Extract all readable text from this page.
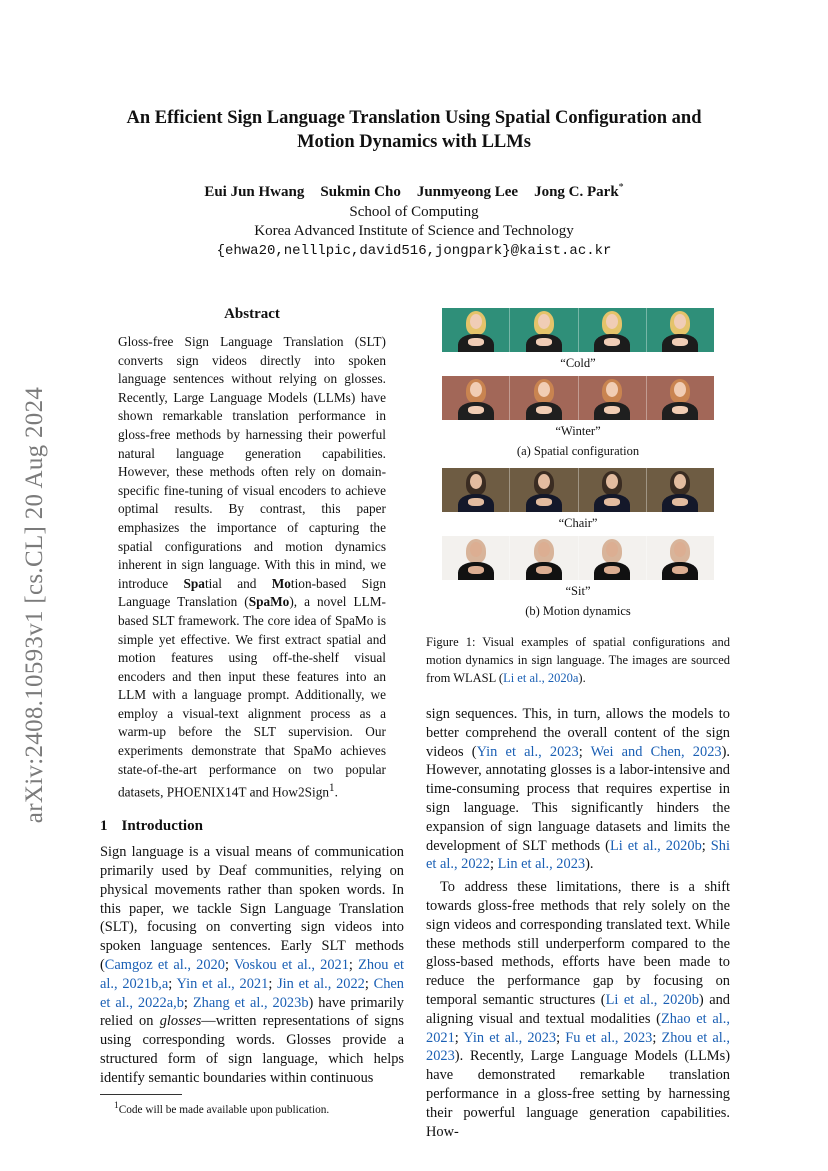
arXiv:2408.10593v1 [cs.CL] 20 Aug 2024
An Efficient Sign Language Translation Using Spatial Configuration and
Motion Dynamics with LLMs
Eui Jun Hwang Sukmin Cho Junmyeong Lee Jong C. Park*
School of Computing
Korea Advanced Institute of Science and Technology
{ehwa20,nelllpic,david516,jongpark}@kaist.ac.kr
Abstract
Gloss-free Sign Language Translation (SLT) converts sign videos directly into spoken language sentences without relying on glosses. Recently, Large Language Models (LLMs) have shown remarkable translation performance in gloss-free methods by harnessing their powerful natural language generation capabilities. However, these methods often rely on domain-specific fine-tuning of visual encoders to achieve optimal results. By contrast, this paper emphasizes the importance of capturing the spatial configurations and motion dynamics inherent in sign language. With this in mind, we introduce Spatial and Motion-based Sign Language Translation (SpaMo), a novel LLM-based SLT framework. The core idea of SpaMo is simple yet effective. We first extract spatial and motion features using off-the-shelf visual encoders and then input these features into an LLM with a language prompt. Additionally, we employ a visual-text alignment process as a warm-up before the SLT supervision. Our experiments demonstrate that SpaMo achieves state-of-the-art performance on two popular datasets, PHOENIX14T and How2Sign$^1$.
1 Introduction

Sign language is a visual means of communication primarily used by Deaf communities, relying on physical movements rather than spoken words. In this paper, we tackle Sign Language Translation (SLT), focusing on converting sign videos into spoken language sentences. Early SLT methods (Camgoz et al., 2020; Voskou et al., 2021; Zhou et al., 2021b,a; Yin et al., 2021; Jin et al., 2022; Chen et al., 2022a,b; Zhang et al., 2023b) have primarily relied on glosses—written representations of signs using corresponding words. Glosses provide a structured form of sign language, which helps identify semantic boundaries within continuous

$^1$Code will be made available upon publication.
“Cold”
“Winter”
(a) Spatial configuration
“Chair”
“Sit”
(b) Motion dynamics
Figure 1: Visual examples of spatial configurations and motion dynamics in sign language. The images are sourced from WLASL (Li et al., 2020a).

sign sequences. This, in turn, allows the models to better comprehend the overall content of the sign videos (Yin et al., 2023; Wei and Chen, 2023). However, annotating glosses is a labor-intensive and time-consuming process that requires expertise in sign language. This significantly hinders the expansion of sign language datasets and limits the development of SLT methods (Li et al., 2020b; Shi et al., 2022; Lin et al., 2023).

To address these limitations, there is a shift towards gloss-free methods that rely solely on the sign videos and corresponding translated text. While these methods still underperform compared to the gloss-based methods, efforts have been made to reduce the performance gap by focusing on temporal semantic structures (Li et al., 2020b) and aligning visual and textual modalities (Zhao et al., 2021; Yin et al., 2023; Fu et al., 2023; Zhou et al., 2023). Recently, Large Language Models (LLMs) have demonstrated remarkable translation performance in a gloss-free setting by harnessing their powerful language generation capabilities. How-
